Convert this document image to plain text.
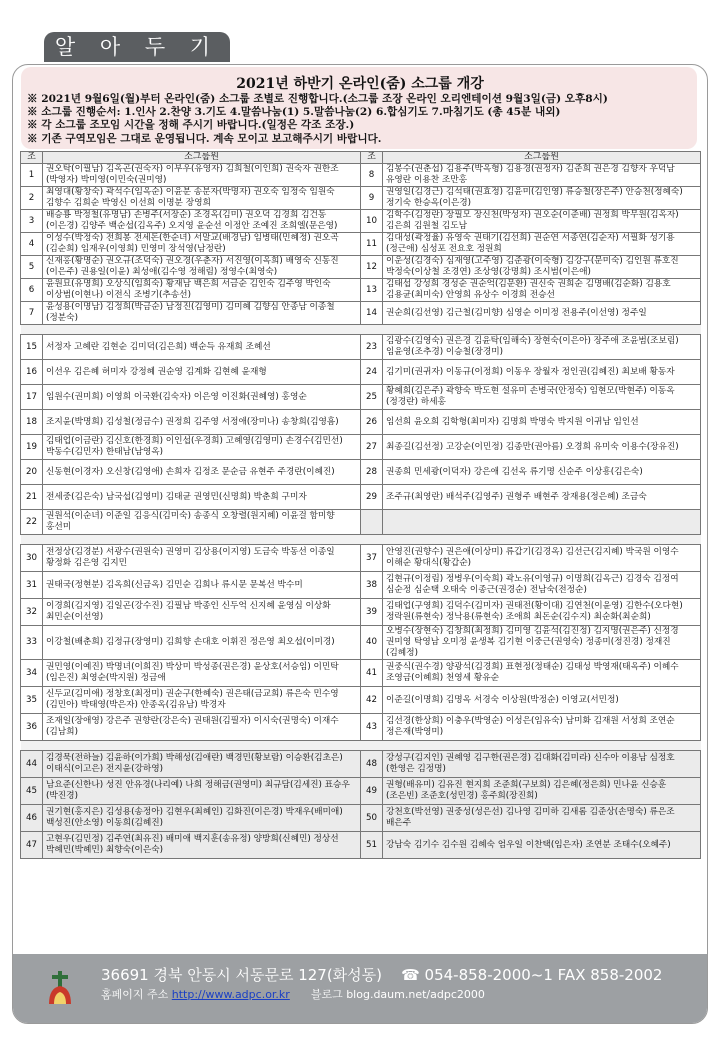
알 아 두 기
2021년 하반기 온라인(줌) 소그룹 개강
※ 2021년 9월6일(월)부터 온라인(줌) 소그룹 조별로 진행합니다.(소그룹 조장 온라인 오리엔테이션 9월3일(금) 오후8시)
※ 소그룹 진행순서: 1.인사 2.찬양 3.기도 4.말씀나눔(1) 5.말씀나눔(2) 6.합심기도 7.마침기도 (총 45분 내외)
※ 각 소그룹 조모임 시간을 정해 주시기 바랍니다.(일정은 각조 조장.)
※ 기존 구역모임은 그대로 운영됩니다. 계속 모이고 보고해주시기 바랍니다.
조	소그룹원	조	소그룹원
1	권오탁(이필남) 김옥곤(권숙자) 이부우(유영자) 김희철(이인희) 권숙자 권한조(박영자) 박미영(이민숙(권미영)	8	김봉수(권춘섭) 김용주(박옥형) 김용경(권정자) 김준희 권은경 김향자 우덕남 유영란 이용찬 조만홍
2	최영대(황창숙) 곽석수(임옥순) 이윤분 송분자(박명자) 권오숙 임정숙 임원숙 김향수 김희순 박영신 이선희 이명분 장영희	9	권영일(김경근) 김석태(권효정) 김윤미(김인영) 류승철(장은주) 안승천(정혜숙) 정기숙 한승옥(이은경)
3	배승룡 박정철(유명남) 손병주(서장순) 조경옥(김미) 권오덕 김경희 김건동(이은경) 김양주 백순섭(김옥주) 오지영 윤순선 이정안 조예진 조희엘(문은영)	10	김학수(김정란) 장필모 장신천(박성자) 권오순(이준배) 권정희 박무원(김옥자) 김은희 김원철 김도남
4	이성수(박정숙) 전희봉 전세돈(한순녀) 서말교(배경남) 임병태(민혜정) 권오곡(김순희) 임재우(이영희) 민영미 장석영(남정란)	11	김대성(곽정율) 유영숙 권태기(김선희) 권순연 서종연(김순자) 서필화 성기용(정근애) 심성포 전요호 정원희
5	신재홍(황명순) 권오규(조덕숙) 권오경(우춘자) 서진영(이옥희) 배영숙 신동진(이은주) 권용일(이윤) 최성애(김수영 정해림) 정영수(최영숙)	12	이운성(김경숙) 심재영(고주영) 김준광(이숙형) 김강구(문미숙) 김인원 류호진 박정숙(이상철 조경연) 조상영(강명희) 조시범(이은애)
6	윤원묘(유명희) 오상식(임희숙) 황재남 백은희 서금순 김인숙 김주영 박인숙 이상범(이현나) 이전식 조병기(추송선)	13	김태섭 강성희 경성순 권순억(김문환) 권신숙 권희순 김명배(김순화) 김용호 김용균(최미숙) 안영희 유상수 이경희 전승선
7	윤성용(이명남) 김정희(박금순) 남정진(김영미) 김미혜 김향심 안종남 이종철(정분숙)	14	권순희(김선영) 김근철(김미향) 심영순 이미정 전용주(이선영) 정주일

15	서정자 고혜란 김현순 김미덕(김은희) 백순득 유재희 조혜선	23	김광수(김영숙) 권은경 김윤탁(임해숙) 장현숙(이은아) 장주애 조윤범(조보림) 임윤영(조추경) 이승철(장경미)
16	이선우 김은혜 허미자 강정혜 권순영 김계화 김현혜 윤재형	24	김기미(권귀자) 이동규(이정희) 이동우 장월자 정인권(김혜진) 최보배 황동자
17	임원수(권미희) 이영희 이국환(김숙자) 이은영 이진화(권혜영) 홍영순	25	황혜희(김은주) 곽향숙 박도현 설유미 손병국(안정숙) 임현모(박현주) 이동옥(정경란) 하세홍
18	조지윤(박명희) 김성철(정금수) 권정희 김주영 서정애(장미나) 송창희(김영흠)	26	임선희 윤오희 김학형(최미자) 김명희 박명숙 박지원 이귀남 임인선
19	김태업(이금란) 김신호(한경희) 이인섭(우경희) 고혜영(김영미) 손경수(김민선) 박동수(김민자) 한태남(남영옥)	27	최종길(김선정) 고강순(이민정) 김종만(권아름) 오경희 유미숙 이용수(장유진)
20	신동현(이경자) 오신창(김영애) 손희자 김정조 문순금 유현주 주경란(이혜진)	28	권종희 민세광(이덕자) 강은애 김선옥 류기명 신순주 이상흥(김은숙)
21	전세중(김은숙) 남국섭(김영미) 김태균 권영민(신명희) 박춘희 구미자	29	조주규(최영란) 배석주(김영주) 권형주 배현주 장재용(정은혜) 조금숙
22	권원석(이순녀) 이준일 김응식(김미숙) 송종식 오창렬(원지혜) 이윤걸 함미향 홍선미		

30	전정상(김경분) 서광수(권원숙) 권영미 김상용(이지영) 도금숙 박동선 이종일 황정화 김은영 김지민	37	안영진(권향수) 권은애(이상미) 류갑기(김경옥) 김선근(김지혜) 박국원 이영수 이해순 황대식(황갑순)
31	권태국(정현분) 김옥희(신금옥) 김민순 김희나 류시문 문복선 박수미	38	김현규(이정림) 정병우(이숙희) 곽노유(이영규) 이명희(김옥근) 김경숙 김정여 심순정 심순택 오태숙 이종근(권경순) 전남숙(전정순)
32	이경희(김지영) 김일곤(강수진) 김필남 박종인 신두억 신지혜 윤영심 이상화 최민순(이선영)	39	김태업(구영희) 김덕수(김미자) 권태전(황이대) 김연천(이윤영) 김한수(오다현) 정락원(류현숙) 정낙용(류현숙) 조애희 최돈순(김수지) 최순화(최순희)
33	이강철(배춘희) 김정규(장영미) 김희향 손대호 이휘진 정은영 최오섭(이미경)	40	오병수(장현숙) 김창희(최정희) 김미영 김윤석(김진정) 김지명(권은주) 신정경 권미영 탁영남 오미정 윤생복 김기현 이중근(권영숙) 정종미(정진경) 정재진(김혜정)
34	권민영(이예진) 박명녀(이희진) 박상미 박성종(권은경) 윤상호(서승임) 이민탁(임은진) 최영순(박지원) 정금애	41	권중식(권수경) 양광석(김경희) 표현정(정태순) 김태성 박영재(태옥주) 이혜수 조영금(이혜희) 천영세 황유순
35	신두교(김미애) 정창호(최정미) 권순구(한혜숙) 권은태(금교희) 류은숙 민수영(김민아) 박태영(박은자) 안종옥(김유남) 박경자	42	이준길(이명희) 김명옥 서경숙 이상원(박정순) 이영교(서민정)
36	조재일(장애영) 강은주 권향란(강은숙) 권태원(김필자) 이시숙(권명숙) 이재수(김남희)	43	김선경(한상희) 이충우(박영순) 이성은(임유숙) 남미화 김재원 서성희 조연순 정은재(박영미)

44	김경묵(전하늘) 김윤하(이가희) 박해성(김애란) 백경민(황보람) 이승환(김초은) 이태식(이고은) 전지윤(강하영)	48	강성구(김지인) 권혜영 김구한(권은경) 김대화(김미라) 신수아 이용남 심정호(한영은 김정명)
45	남요준(신한나) 성진 안유경(나리예) 나희 정해금(권영미) 최규담(김세진) 표승우(박진경)	49	권형(배유미) 김유진 현지희 조준희(구보희) 김은혜(정은희) 민나윤 신승훈(조은빈) 조준호(성민경) 홍주희(장진희)
46	권기현(홍지은) 김성용(송정아) 김현우(최혜인) 김화진(이은경) 박재우(배미애) 백성진(안소영) 이동희(김혜진)	50	강천호(박선영) 권중성(성은선) 김나영 김미하 김새롬 김준상(손명숙) 류은조 배은주
47	고현우(김민정) 김주연(최유진) 배미애 백지훈(송유정) 양방희(신혜민) 정상선 박혜민(박혜민) 최향숙(이은숙)	51	강남숙 김기수 김수원 김혜숙 엄우일 이찬택(임은자) 조연분 조태수(오혜주)
36691 경북 안동시 서동문로 127(화성동) ☎ 054-858-2000~1 FAX 858-2002
홈페이지 주소 http://www.adpc.or.kr 블로그 blog.daum.net/adpc2000
